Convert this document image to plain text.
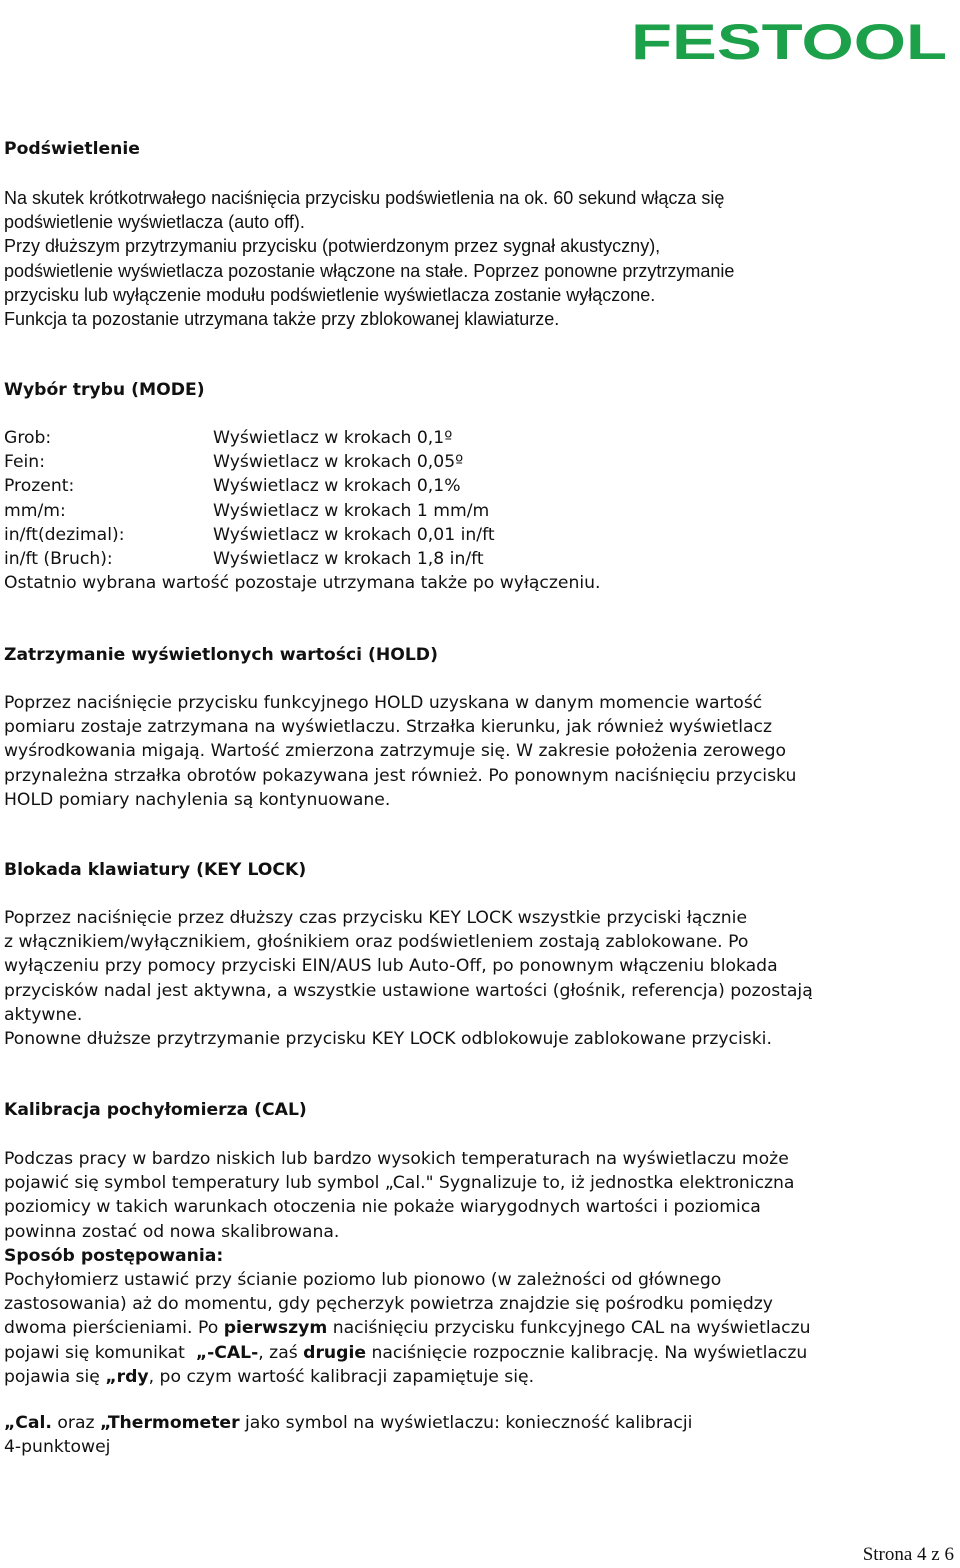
FESTOOL
Podświetlenie
Na skutek krótkotrwałego naciśnięcia przycisku podświetlenia na ok. 60 sekund włącza się
podświetlenie wyświetlacza (auto off).
Przy dłuższym przytrzymaniu przycisku (potwierdzonym przez sygnał akustyczny),
podświetlenie wyświetlacza pozostanie włączone na stałe. Poprzez ponowne przytrzymanie
przycisku lub wyłączenie modułu podświetlenie wyświetlacza zostanie wyłączone.
Funkcja ta pozostanie utrzymana także przy zblokowanej klawiaturze.
Wybór trybu (MODE)
Grob:	Wyświetlacz w krokach 0,1º
Fein:	Wyświetlacz w krokach 0,05º
Prozent:	Wyświetlacz w krokach 0,1%
mm/m:	Wyświetlacz w krokach 1 mm/m
in/ft(dezimal):	Wyświetlacz w krokach 0,01 in/ft
in/ft (Bruch):	Wyświetlacz w krokach 1,8 in/ft
Ostatnio wybrana wartość pozostaje utrzymana także po wyłączeniu.
Zatrzymanie wyświetlonych wartości (HOLD)
Poprzez naciśnięcie przycisku funkcyjnego HOLD uzyskana w danym momencie wartość
pomiaru zostaje zatrzymana na wyświetlaczu. Strzałka kierunku, jak również wyświetlacz
wyśrodkowania migają. Wartość zmierzona zatrzymuje się. W zakresie położenia zerowego
przynależna strzałka obrotów pokazywana jest również. Po ponownym naciśnięciu przycisku
HOLD pomiary nachylenia są kontynuowane.
Blokada klawiatury (KEY LOCK)
Poprzez naciśnięcie przez dłuższy czas przycisku KEY LOCK wszystkie przyciski łącznie
z włącznikiem/wyłącznikiem, głośnikiem oraz podświetleniem zostają zablokowane. Po
wyłączeniu przy pomocy przyciski EIN/AUS lub Auto-Off, po ponownym włączeniu blokada
przycisków nadal jest aktywna, a wszystkie ustawione wartości (głośnik, referencja) pozostają
aktywne.
Ponowne dłuższe przytrzymanie przycisku KEY LOCK odblokowuje zablokowane przyciski.
Kalibracja pochyłomierza (CAL)
Podczas pracy w bardzo niskich lub bardzo wysokich temperaturach na wyświetlaczu może
pojawić się symbol temperatury lub symbol „Cal." Sygnalizuje to, iż jednostka elektroniczna
poziomicy w takich warunkach otoczenia nie pokaże wiarygodnych wartości i poziomica
powinna zostać od nowa skalibrowana.
Sposób postępowania:
Pochyłomierz ustawić przy ścianie poziomo lub pionowo (w zależności od głównego
zastosowania) aż do momentu, gdy pęcherzyk powietrza znajdzie się pośrodku pomiędzy
dwoma pierścieniami. Po pierwszym naciśnięciu przycisku funkcyjnego CAL na wyświetlaczu
pojawi się komunikat  „-CAL-, zaś drugie naciśnięcie rozpocznie kalibrację. Na wyświetlaczu
pojawia się „rdy, po czym wartość kalibracji zapamiętuje się.
„Cal. oraz „Thermometer jako symbol na wyświetlaczu: konieczność kalibracji
4-punktowej
Strona 4 z 6
